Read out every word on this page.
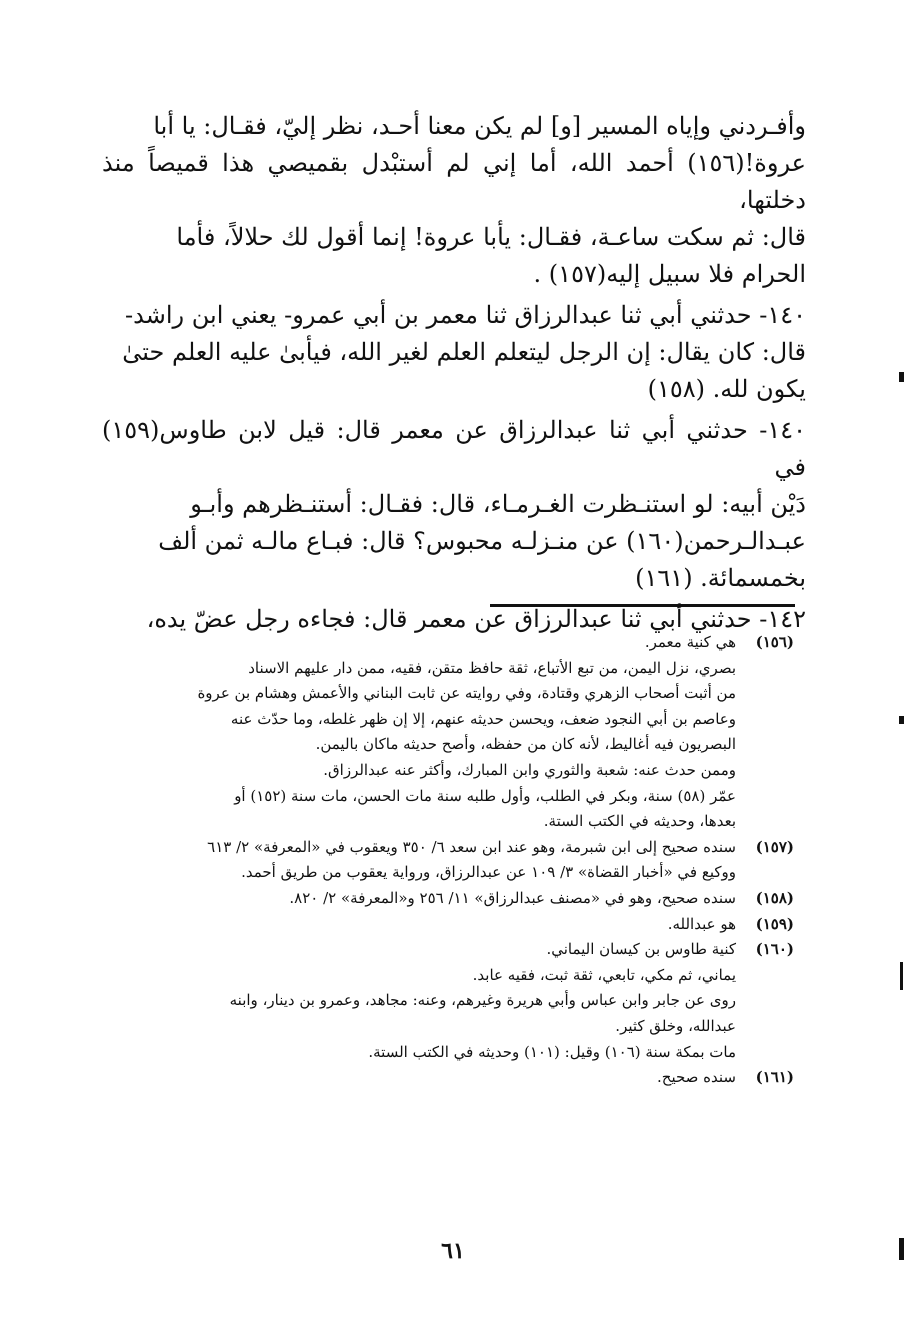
وأفـردني وإياه المسير [و] لم يكن معنا أحـد، نظر إليّ، فقـال: يا أبا

عروة!(١٥٦) أحمد الله، أما إني لم أستبْدل بقميصي هذا قميصاً منذ دخلتها،

قال: ثم سكت ساعـة، فقـال: يأبا عروة! إنما أقول لك حلالاً، فأما

الحرام فلا سبيل إليه(١٥٧) .

١٤٠- حدثني أبي ثنا عبدالرزاق ثنا معمر بن أبي عمرو- يعني ابن راشد-

قال: كان يقال: إن الرجل ليتعلم العلم لغير الله، فيأبىٰ عليه العلم حتىٰ

يكون لله. (١٥٨)

١٤٠- حدثني أبي ثنا عبدالرزاق عن معمر قال: قيل لابن طاوس(١٥٩) في

دَيْن أبيه: لو استنـظرت الغـرمـاء، قال: فقـال: أستنـظرهم وأبـو

عبـدالـرحمن(١٦٠) عن منـزلـه محبوس؟ قال: فبـاع مالـه ثمن ألف

بخمسمائة. (١٦١)

١٤٢- حدثني أبي ثنا عبدالرزاق عن معمر قال: فجاءه رجل عضّ يده،

(١٥٦)
هي كنية معمر.
بصري، نزل اليمن، من تبع الأتباع، ثقة حافظ متقن، فقيه، ممن دار عليهم الاسناد
من أثبت أصحاب الزهري وقتادة، وفي روايته عن ثابت البناني والأعمش وهشام بن عروة
وعاصم بن أبي النجود ضعف، ويحسن حديثه عنهم، إلا إن ظهر غلطه، وما حدّث عنه
البصريون فيه أغاليط، لأنه كان من حفظه، وأصح حديثه ماكان باليمن.
وممن حدث عنه: شعبة والثوري وابن المبارك، وأكثر عنه عبدالرزاق.
عمّر (٥٨) سنة، وبكر في الطلب، وأول طلبه سنة مات الحسن، مات سنة (١٥٢) أو
بعدها، وحديثه في الكتب الستة.
(١٥٧)
سنده صحيح إلى ابن شبرمة، وهو عند ابن سعد ٦/ ٣٥٠ ويعقوب في «المعرفة» ٢/ ٦١٣
ووكيع في «أخبار القضاة» ٣/ ١٠٩ عن عبدالرزاق، ورواية يعقوب من طريق أحمد.
(١٥٨)
سنده صحيح، وهو في «مصنف عبدالرزاق» ١١/ ٢٥٦ و«المعرفة» ٢/ ٨٢٠.
(١٥٩)
هو عبدالله.
(١٦٠)
كنية طاوس بن كيسان اليماني.
يماني، ثم مكي، تابعي، ثقة ثبت، فقيه عابد.
روى عن جابر وابن عباس وأبي هريرة وغيرهم، وعنه: مجاهد، وعمرو بن دينار، وابنه
عبدالله، وخلق كثير.
مات بمكة سنة (١٠٦) وقيل: (١٠١) وحديثه في الكتب الستة.
(١٦١)
سنده صحيح.
٦١
